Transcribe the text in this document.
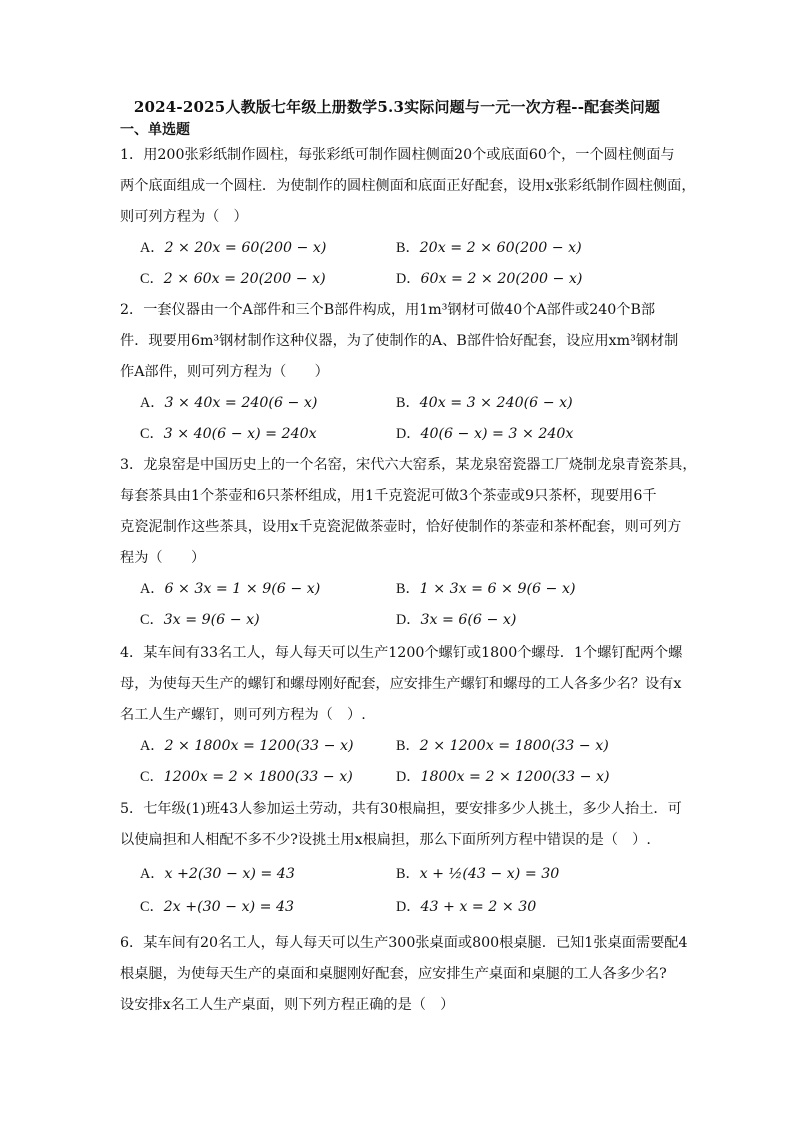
2024-2025人教版七年级上册数学5.3实际问题与一元一次方程--配套类问题
一、单选题
1．用200张彩纸制作圆柱，每张彩纸可制作圆柱侧面20个或底面60个，一个圆柱侧面与
两个底面组成一个圆柱．为使制作的圆柱侧面和底面正好配套，设用x张彩纸制作圆柱侧面，
则可列方程为（　）
A．2 × 20x = 60(200 − x)	B．20x = 2 × 60(200 − x)
C．2 × 60x = 20(200 − x)	D．60x = 2 × 20(200 − x)
2．一套仪器由一个A部件和三个B部件构成，用1m³钢材可做40个A部件或240个B部
件．现要用6m³钢材制作这种仪器，为了使制作的A、B部件恰好配套，设应用xm³钢材制
作A部件，则可列方程为（　　）
A．3 × 40x = 240(6 − x)	B．40x = 3 × 240(6 − x)
C．3 × 40(6 − x) = 240x	D．40(6 − x) = 3 × 240x
3．龙泉窑是中国历史上的一个名窑，宋代六大窑系，某龙泉窑瓷器工厂烧制龙泉青瓷茶具，
每套茶具由1个茶壶和6只茶杯组成，用1千克瓷泥可做3个茶壶或9只茶杯，现要用6千
克瓷泥制作这些茶具，设用x千克瓷泥做茶壶时，恰好使制作的茶壶和茶杯配套，则可列方
程为（　　）
A．6 × 3x = 1 × 9(6 − x)	B．1 × 3x = 6 × 9(6 − x)
C．3x = 9(6 − x)	D．3x = 6(6 − x)
4．某车间有33名工人，每人每天可以生产1200个螺钉或1800个螺母．1个螺钉配两个螺
母，为使每天生产的螺钉和螺母刚好配套，应安排生产螺钉和螺母的工人各多少名？设有x
名工人生产螺钉，则可列方程为（　）.
A．2 × 1800x = 1200(33 − x)	B．2 × 1200x = 1800(33 − x)
C．1200x = 2 × 1800(33 − x)	D．1800x = 2 × 1200(33 − x)
5．七年级(1)班43人参加运土劳动，共有30根扁担，要安排多少人挑土，多少人抬土．可
以使扁担和人相配不多不少?设挑土用x根扁担，那么下面所列方程中错误的是（　）.
A．x +2(30 − x) = 43	B．x + ½(43 − x) = 30
C．2x +(30 − x) = 43	D．43 + x = 2 × 30
6．某车间有20名工人，每人每天可以生产300张桌面或800根桌腿．已知1张桌面需要配4
根桌腿，为使每天生产的桌面和桌腿刚好配套，应安排生产桌面和桌腿的工人各多少名?
设安排x名工人生产桌面，则下列方程正确的是（　）
